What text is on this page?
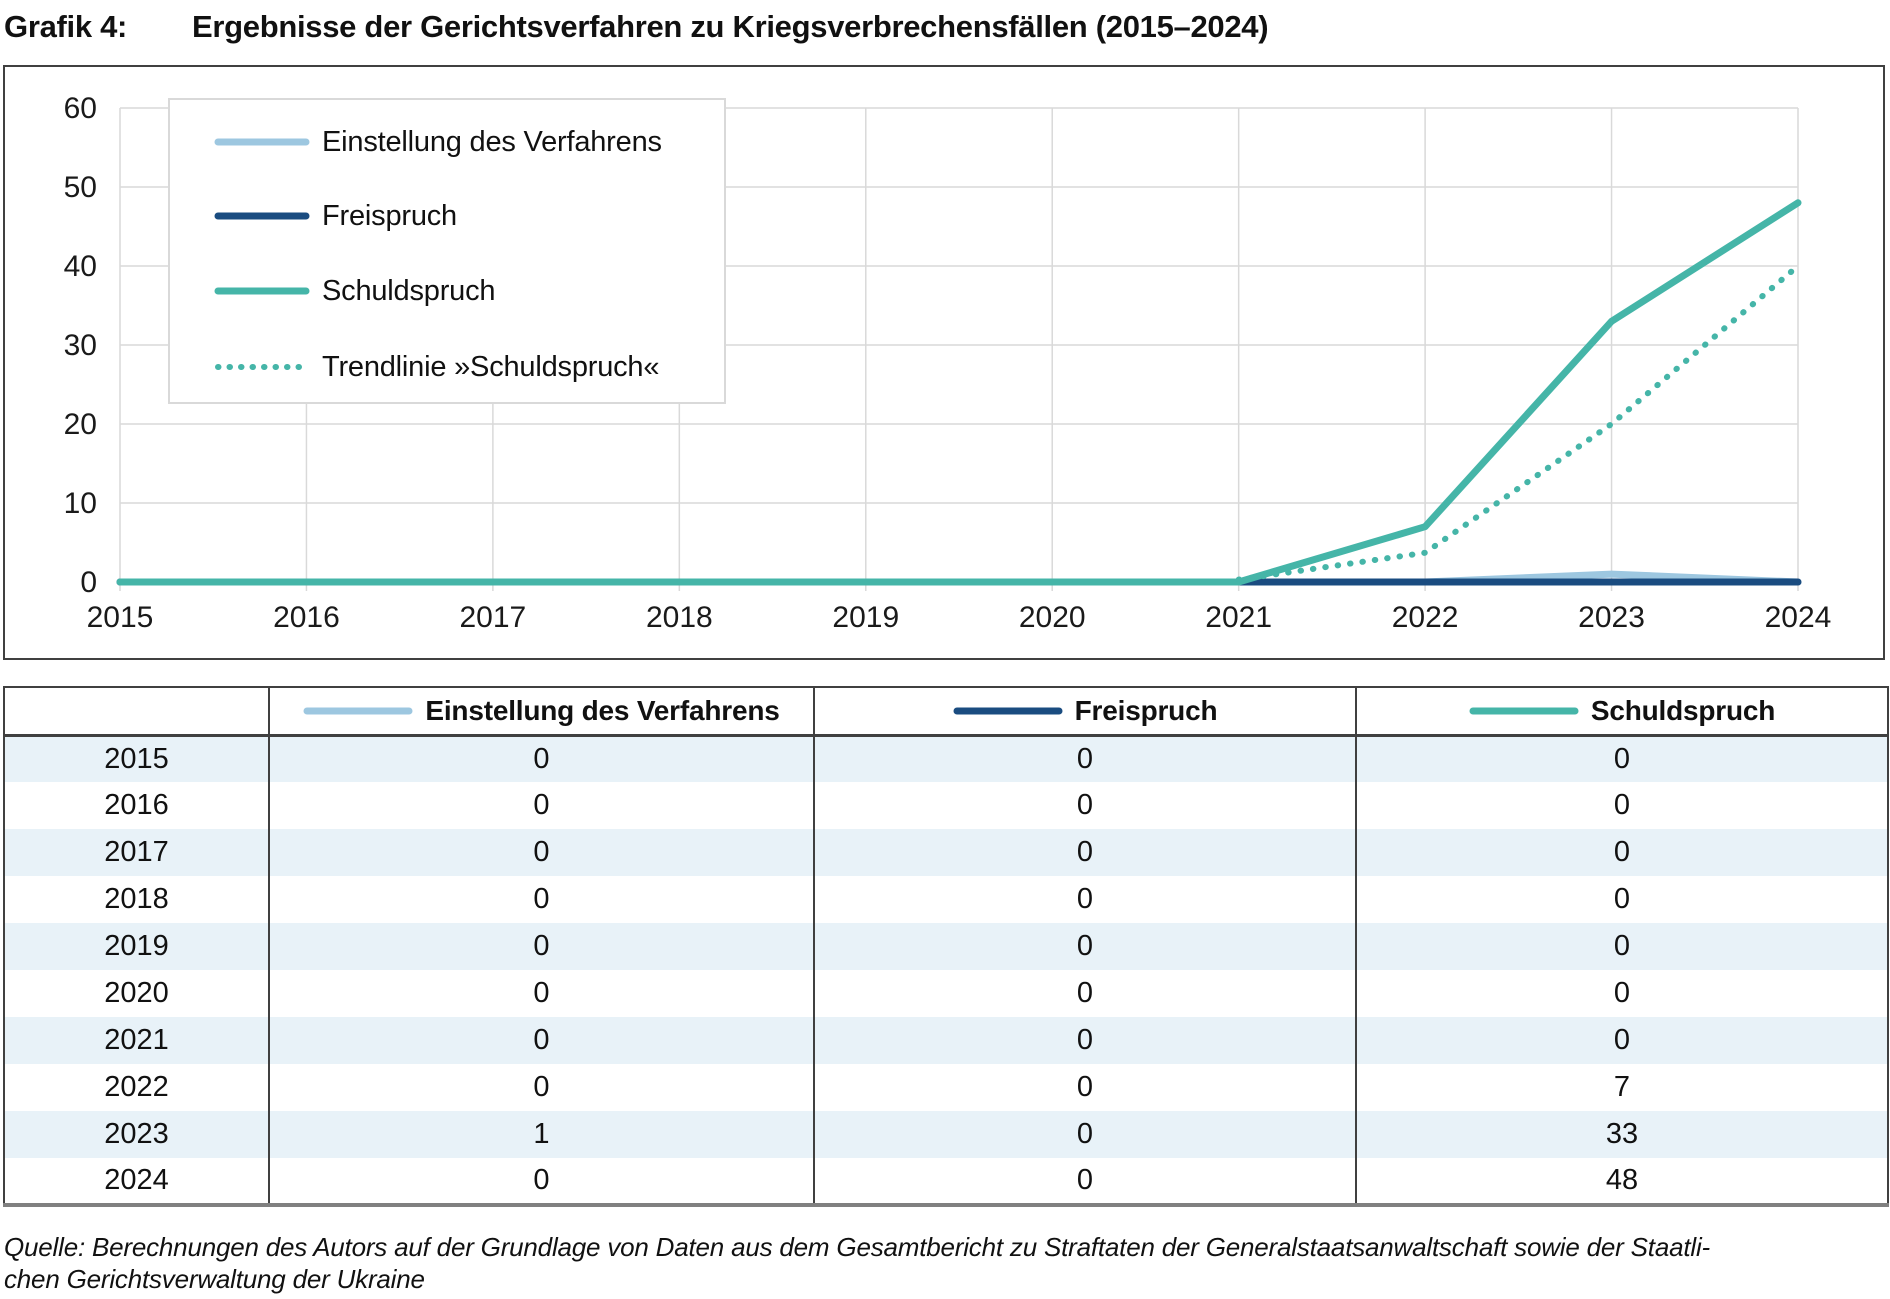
Grafik 4: Ergebnisse der Gerichtsverfahren zu Kriegsverbrechensfällen (2015–2024)
0
10
20
30
40
50
60
2015	2016	2017	2018	2019	2020	2021	2022	2023	2024
Einstellung des Verfahrens
Freispruch
Schuldspruch
Trendlinie »Schuldspruch«

	Einstellung des Verfahrens	Freispruch	Schuldspruch

2015	0	0	0
2016	0	0	0
2017	0	0	0
2018	0	0	0
2019	0	0	0
2020	0	0	0
2021	0	0	0
2022	0	0	7
2023	1	0	33
2024	0	0	48
Quelle: Berechnungen des Autors auf der Grundlage von Daten aus dem Gesamtbericht zu Straftaten der Generalstaatsanwaltschaft sowie der Staatli-
chen Gerichtsverwaltung der Ukraine
